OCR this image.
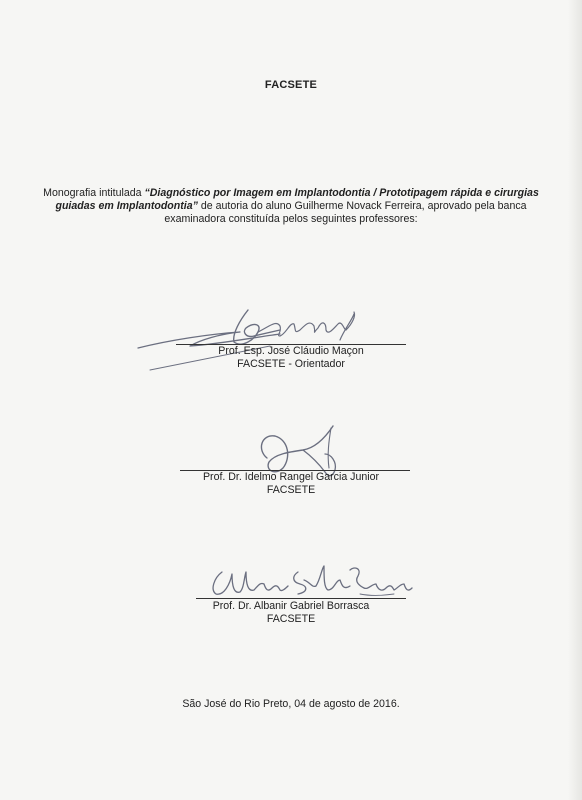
FACSETE
Monografia intitulada “Diagnóstico por Imagem em Implantodontia / Prototipagem rápida e cirurgias guiadas em Implantodontia” de autoria do aluno Guilherme Novack Ferreira, aprovado pela banca examinadora constituída pelos seguintes professores:
Prof. Esp. José Cláudio Maçon
FACSETE - Orientador
Prof. Dr. Idelmo Rangel Garcia Junior
FACSETE
Prof. Dr. Albanir Gabriel Borrasca
FACSETE
São José do Rio Preto, 04 de agosto de 2016.
